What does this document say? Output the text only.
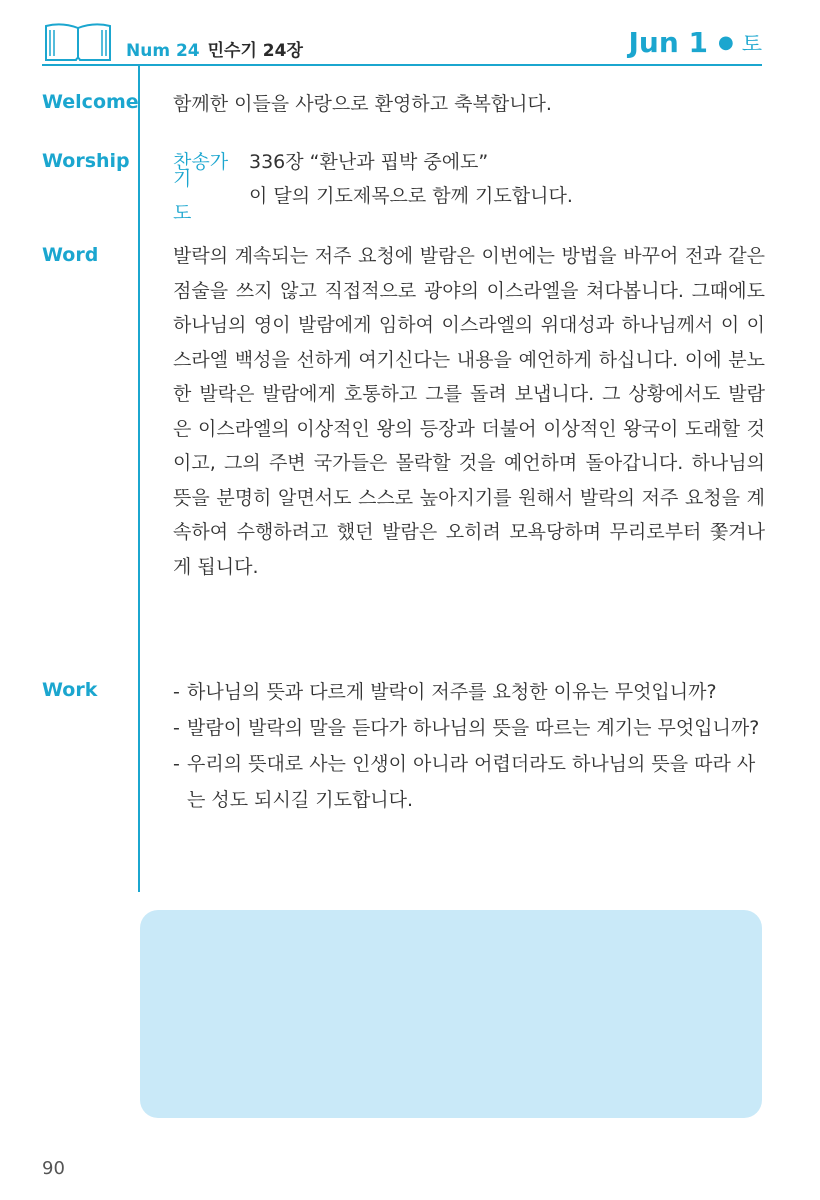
Num 24 민수기 24장	Jun 1 ● 토
Welcome 함께한 이들을 사랑으로 환영하고 축복합니다.
Worship 찬송가	336장 “환난과 핍박 중에도”
기 도
이 달의 기도제목으로 함께 기도합니다.
Word	발락의 계속되는 저주 요청에 발람은 이번에는 방법을 바꾸어 전과 같은 점술을 쓰지 않고 직접적으로 광야의 이스라엘을 쳐다봅니다. 그때에도 하나님의 영이 발람에게 임하여 이스라엘의 위대성과 하나님께서 이 이스라엘 백성을 선하게 여기신다는 내용을 예언하게 하십니다. 이에 분노한 발락은 발람에게 호통하고 그를 돌려 보냅니다. 그 상황에서도 발람은 이스라엘의 이상적인 왕의 등장과 더불어 이상적인 왕국이 도래할 것이고, 그의 주변 국가들은 몰락할 것을 예언하며 돌아갑니다. 하나님의 뜻을 분명히 알면서도 스스로 높아지기를 원해서 발락의 저주 요청을 계속하여 수행하려고 했던 발람은 오히려 모욕당하며 무리로부터 쫓겨나게 됩니다.
Work	- 하나님의 뜻과 다르게 발락이 저주를 요청한 이유는 무엇입니까?
- 발람이 발락의 말을 듣다가 하나님의 뜻을 따르는 계기는 무엇입니까?
- 우리의 뜻대로 사는 인생이 아니라 어렵더라도 하나님의 뜻을 따라 사는 성도 되시길 기도합니다.
90
